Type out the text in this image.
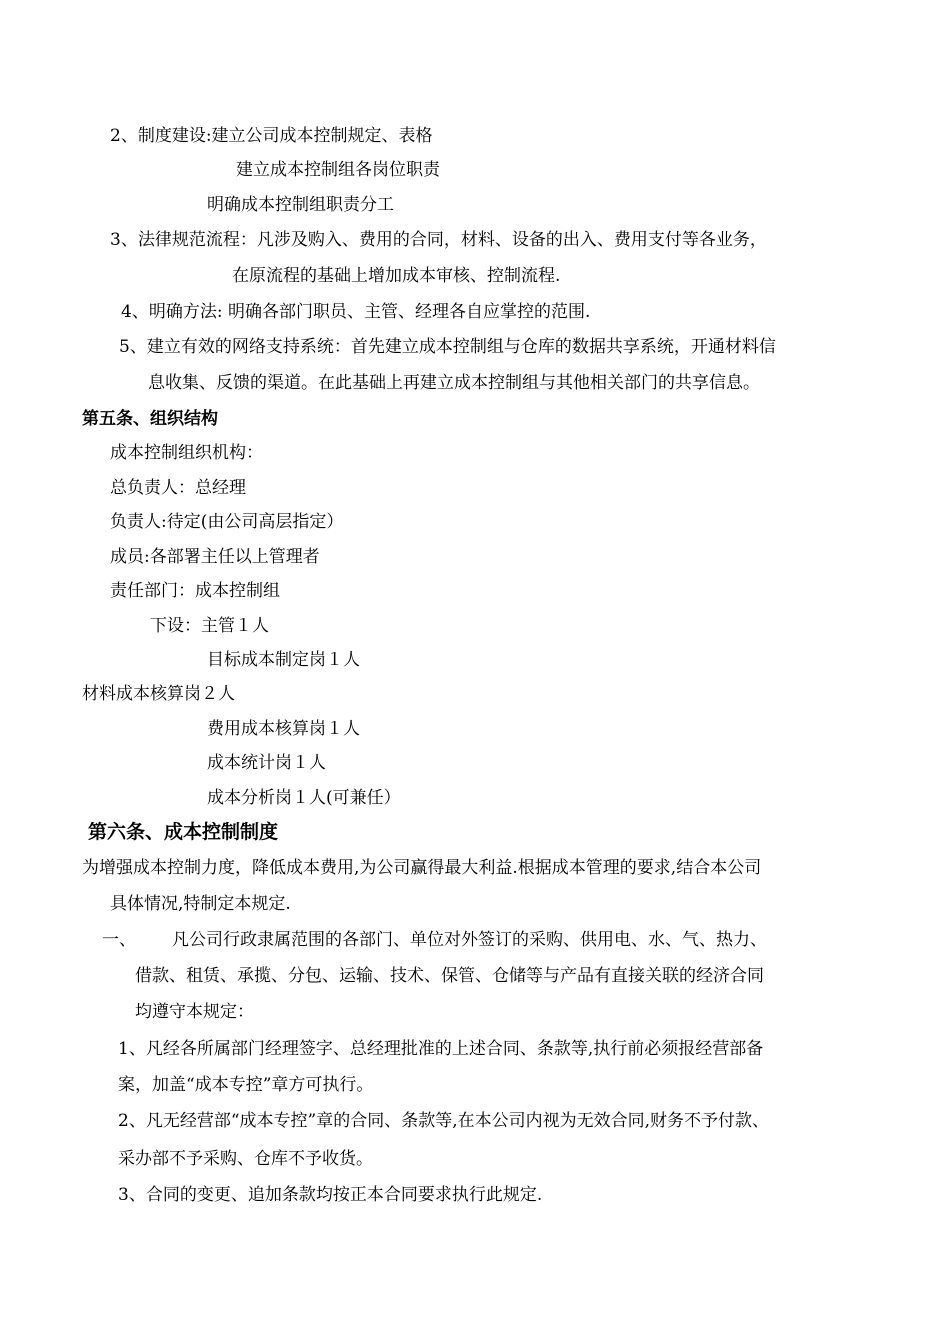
2、制度建设:建立公司成本控制规定、表格
建立成本控制组各岗位职责
明确成本控制组职责分工
3、法律规范流程：凡涉及购入、费用的合同，材料、设备的出入、费用支付等各业务，
在原流程的基础上增加成本审核、控制流程.
4、明确方法: 明确各部门职员、主管、经理各自应掌控的范围.
5、建立有效的网络支持系统：首先建立成本控制组与仓库的数据共享系统，开通材料信
息收集、反馈的渠道。在此基础上再建立成本控制组与其他相关部门的共享信息。
第五条、组织结构
成本控制组织机构：
总负责人：总经理
负责人:待定(由公司高层指定）
成员:各部署主任以上管理者
责任部门：成本控制组
下设：主管１人
目标成本制定岗１人
材料成本核算岗２人
费用成本核算岗１人
成本统计岗１人
成本分析岗１人(可兼任）
第六条、成本控制制度
为增强成本控制力度，降低成本费用,为公司赢得最大利益.根据成本管理的要求,结合本公司
具体情况,特制定本规定.
一、 凡公司行政隶属范围的各部门、单位对外签订的采购、供用电、水、气、热力、
借款、租赁、承揽、分包、运输、技术、保管、仓储等与产品有直接关联的经济合同
均遵守本规定：
1、凡经各所属部门经理签字、总经理批准的上述合同、条款等,执行前必须报经营部备
案，加盖“成本专控”章方可执行。
2、凡无经营部“成本专控”章的合同、条款等,在本公司内视为无效合同,财务不予付款、
采办部不予采购、仓库不予收货。
3、合同的变更、追加条款均按正本合同要求执行此规定.
